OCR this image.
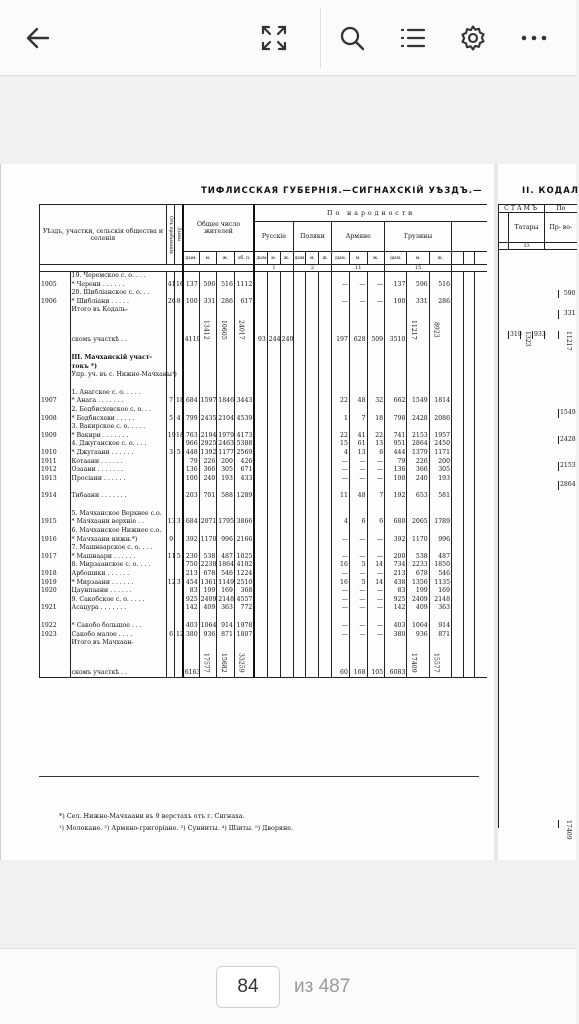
ТИФЛИССКАЯ ГУБЕРНІЯ.—СИГНАХСКІЙ УѢЗДЪ.—
Уѣздъ, участки, сельскія общества и селенія		Отъ пребыванія	Дымы	Общее число жителей				По народности														
								Русскіе			Поляки			Армяне			Грузины					
				дым.	м.	ж.	об. п.	дым.	м.	ж.	дым.	м.	ж.	дым.	м.	ж.	дым.	м.	ж.			
								1			2			11			15					
	19. Черемское с. о. . . .																					
1905	* Черени . . . . . .	41	16	137	596	516	1112							—	—	—	137	596	516			
	20. Шибліанское с. о. . .																					
1906	* Шибліани . . . . .	26	8	100	331	286	617							—	—	—	100	331	286			
	Итого въ Кодаль-																					
	скомъ участкѣ . .			4119	13412	10605	24017	93	244	240				197	628	509	3510	11217	8923			

	III. Мачханскій участ-																					
	токъ *)																					
	Упр. уч. въ с. Нижне-Мачханы¹)																					

	1. Анагское с. о. . . . .																					
1907	* Анага . . . . . . .	7	18	684	1597	1846	3443							22	48	32	662	1549	1814			
	2. Бодбисхевское с. о. . .																					
1908	* Бодбисхеви . . . . .	5	4	799	2435	2104	4539							1	7	18	798	2428	2086			
	3. Вакирское с. о. . . . .																					
1909	* Вакири . . . . . . .	19	18	763	2194	1979	4173							22	41	22	741	2153	1957			
	4. Джуганское с. о. . . .			966	2925	2463	5388							15	61	13	951	2864	2450			
1910	* Джугаани . . . . . .	3	5	448	1392	1177	2569							4	13	6	444	1379	1171			
1911	Котаани . . . . . .			79	226	200	426							—	—	—	79	226	200			
1912	Озаани . . . . . . .			136	366	305	671							—	—	—	136	366	305			
1913	Просіани . . . . . .			100	240	193	433							—	—	—	100	240	193			

1914	Тибаани . . . . . . .			203	701	588	1289							11	48	7	192	653	581			

	5. Мачханское Верхнее с.о.																					
1915	* Мачхаани верхніе . .	13	3	684	2071	1795	3866							4	6	6	680	2065	1789			
	6. Мачханское Нижнее с.о.																					
1916	* Мачхаани нижн.*)	9		392	1170	996	2166							—	—	—	392	1170	996			
	7. Машнаарское с. о. . . .																					
1917	* Машнаари . . . . . .	11	5	230	538	487	1025							—	—	—	200	538	487			
	8. Мирзаанское с. о. . . .			750	2238	1864	4102							16	5	14	734	2233	1850			
1918	Арбошики . . . . . .			213	678	546	1224							—	—	—	213	678	546			
1919	* Мирзаани . . . . . .	12	3	454	1361	1149	2510							16	5	14	438	1356	1135			
1920	Цаунпаани . . . . . .			83	199	169	368							—	—	—	83	199	169			
	9. Сакобское с. о. . . . .			925	2409	2148	4557							—	—	—	925	2409	2148			
1921	Асацура . . . . . . .			142	409	363	772							—	—	—	142	409	363			

1922	* Сакобо большое . . .			403	1064	914	1978							—	—	—	403	1064	914			
1923	Сакобо малое . . . .	6	12	380	936	871	1807							—	—	—	380	936	871			
	Итого въ Мачхаан-																					
	скомъ участкѣ . .			6163	17577	15682	33259							60	168	105	6083	17409	15577			
*) Сел. Нижне-Мачхаани въ 9 верстахъ отъ г. Сигнаха.
¹) Молокане. ²) Армяно-григоріане. ³) Сунниты. ⁴) Шіиты. ⁵) Дворяне.
II. КОДАЛ
СТАМЪ				По	
	Татары			Пр- во-	
	33				

					590

					331

	319	1323	933		11217

					1549

					2428

					2153

					2864

					17409
84	из 487
